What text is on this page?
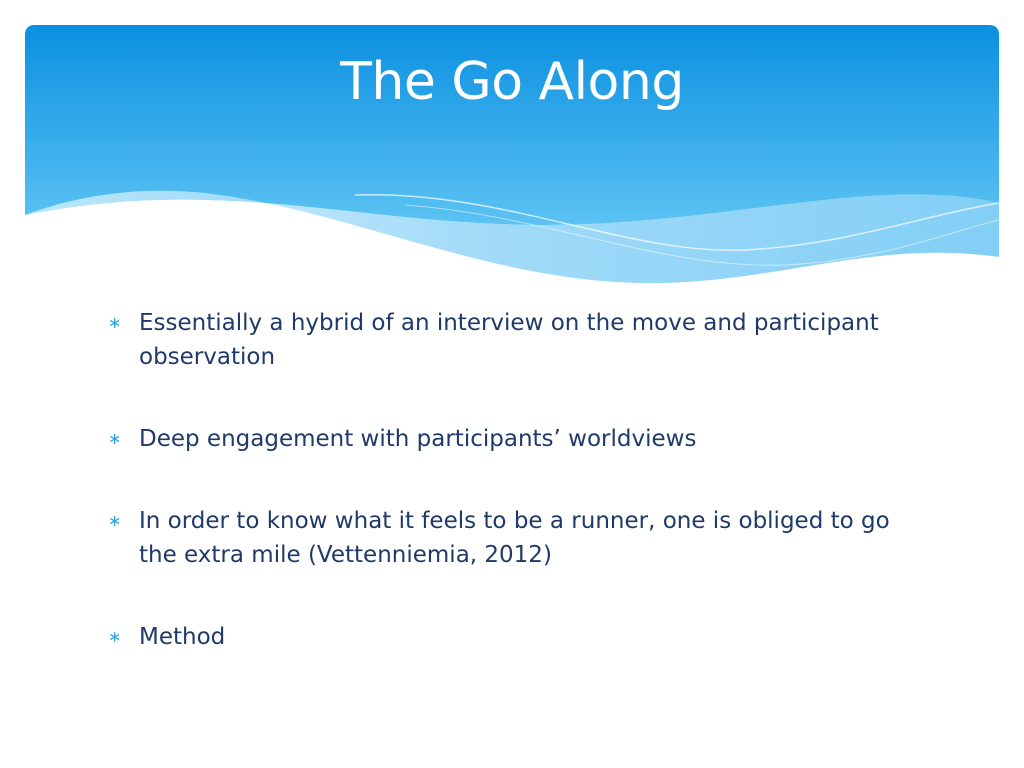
The Go Along
∗ Essentially a hybrid of an interview on the move and participant observation
∗ Deep engagement with participants’ worldviews
∗ In order to know what it feels to be a runner, one is obliged to go the extra mile (Vettenniemia, 2012)
∗ Method
